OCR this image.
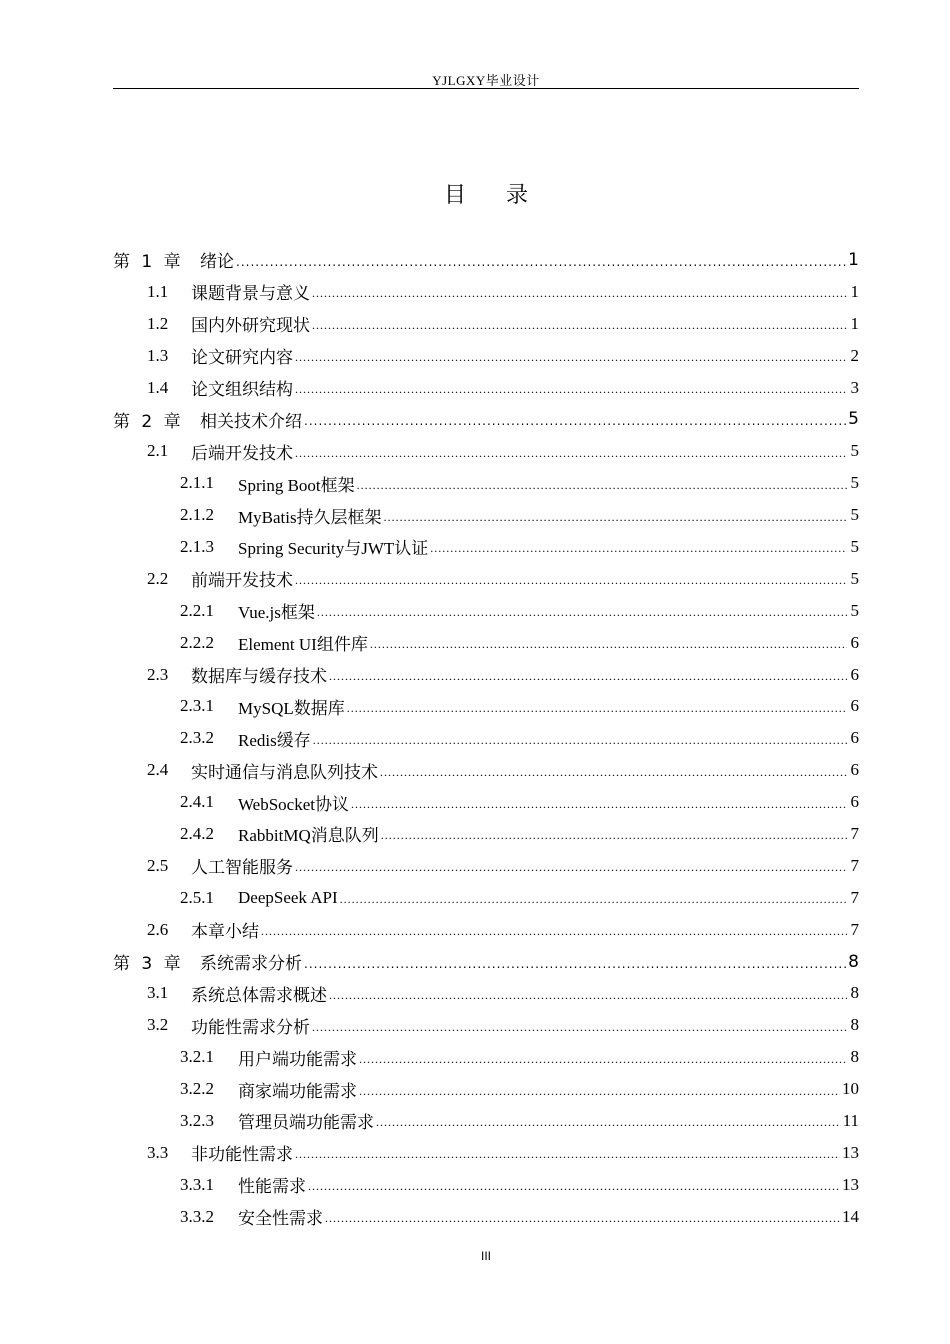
YJLGXY毕业设计
目录
第 1 章 绪论 .....	1
1.1	课题背景与意义 .....	1
1.2	国内外研究现状 .....	1
1.3	论文研究内容 .....	2
1.4	论文组织结构 .....	3
第 2 章 相关技术介绍 .....	5
2.1	后端开发技术 .....	5
2.1.1	Spring Boot框架 .....	5
2.1.2	MyBatis持久层框架 .....	5
2.1.3	Spring Security与JWT认证 .....	5
2.2	前端开发技术 .....	5
2.2.1	Vue.js框架 .....	5
2.2.2	Element UI组件库 .....	6
2.3	数据库与缓存技术 .....	6
2.3.1	MySQL数据库 .....	6
2.3.2	Redis缓存 .....	6
2.4	实时通信与消息队列技术 .....	6
2.4.1	WebSocket协议 .....	6
2.4.2	RabbitMQ消息队列 .....	7
2.5	人工智能服务 .....	7
2.5.1	DeepSeek API .....	7
2.6	本章小结 .....	7
第 3 章 系统需求分析 .....	8
3.1	系统总体需求概述 .....	8
3.2	功能性需求分析 .....	8
3.2.1	用户端功能需求 .....	8
3.2.2	商家端功能需求 .....	10
3.2.3	管理员端功能需求 .....	11
3.3	非功能性需求 .....	13
3.3.1	性能需求 .....	13
3.3.2	安全性需求 .....	14
III
